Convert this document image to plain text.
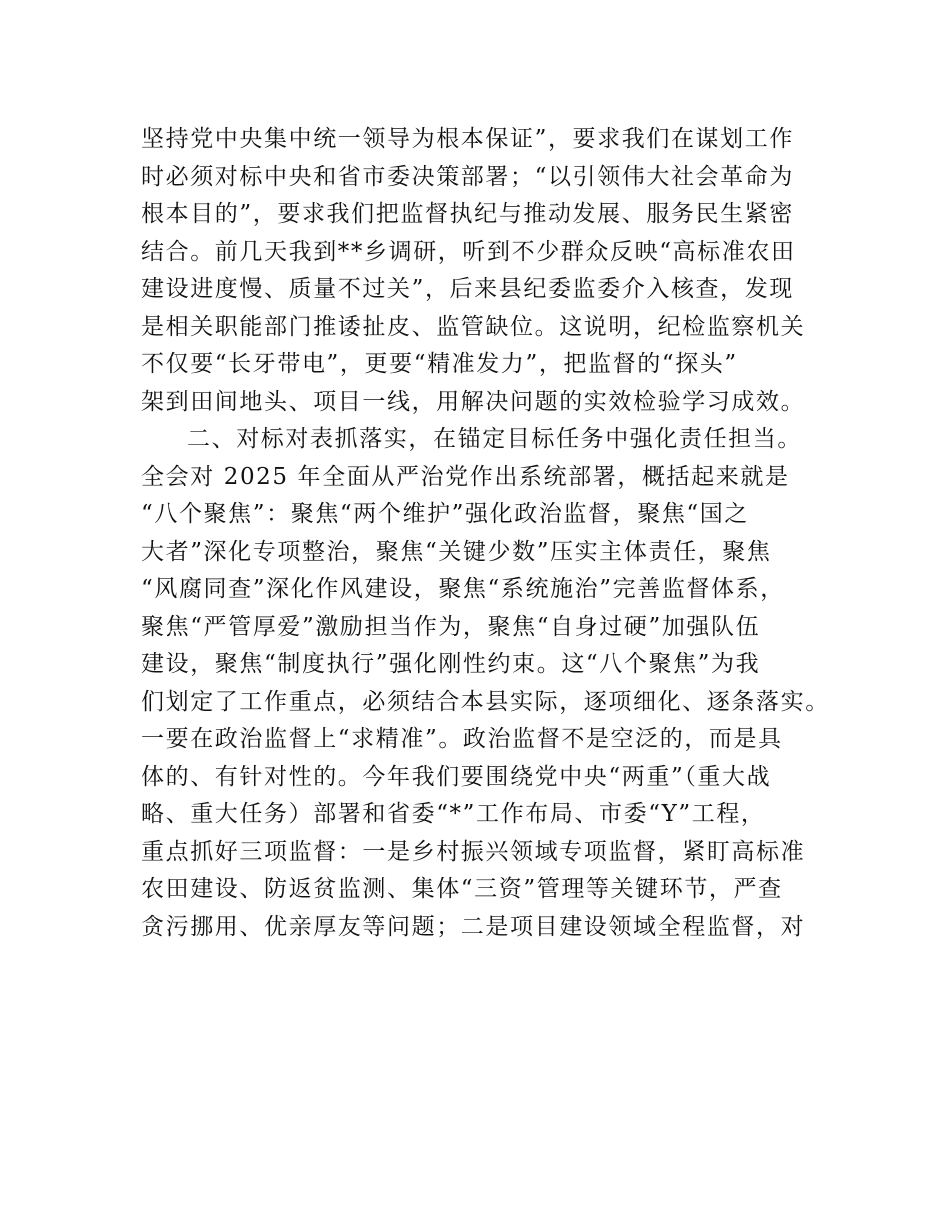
坚持党中央集中统一领导为根本保证”，要求我们在谋划工作
时必须对标中央和省市委决策部署；“以引领伟大社会革命为
根本目的”，要求我们把监督执纪与推动发展、服务民生紧密
结合。前几天我到**乡调研，听到不少群众反映“高标准农田
建设进度慢、质量不过关”，后来县纪委监委介入核查，发现
是相关职能部门推诿扯皮、监管缺位。这说明，纪检监察机关
不仅要“长牙带电”，更要“精准发力”，把监督的“探头”
架到田间地头、项目一线，用解决问题的实效检验学习成效。
二、对标对表抓落实，在锚定目标任务中强化责任担当。
全会对 2025 年全面从严治党作出系统部署，概括起来就是
“八个聚焦”：聚焦“两个维护”强化政治监督，聚焦“国之
大者”深化专项整治，聚焦“关键少数”压实主体责任，聚焦
“风腐同查”深化作风建设，聚焦“系统施治”完善监督体系，
聚焦“严管厚爱”激励担当作为，聚焦“自身过硬”加强队伍
建设，聚焦“制度执行”强化刚性约束。这“八个聚焦”为我
们划定了工作重点，必须结合本县实际，逐项细化、逐条落实。
一要在政治监督上“求精准”。政治监督不是空泛的，而是具
体的、有针对性的。今年我们要围绕党中央“两重”（重大战
略、重大任务）部署和省委“*”工作布局、市委“Y”工程，
重点抓好三项监督：一是乡村振兴领域专项监督，紧盯高标准
农田建设、防返贫监测、集体“三资”管理等关键环节，严查
贪污挪用、优亲厚友等问题；二是项目建设领域全程监督，对
